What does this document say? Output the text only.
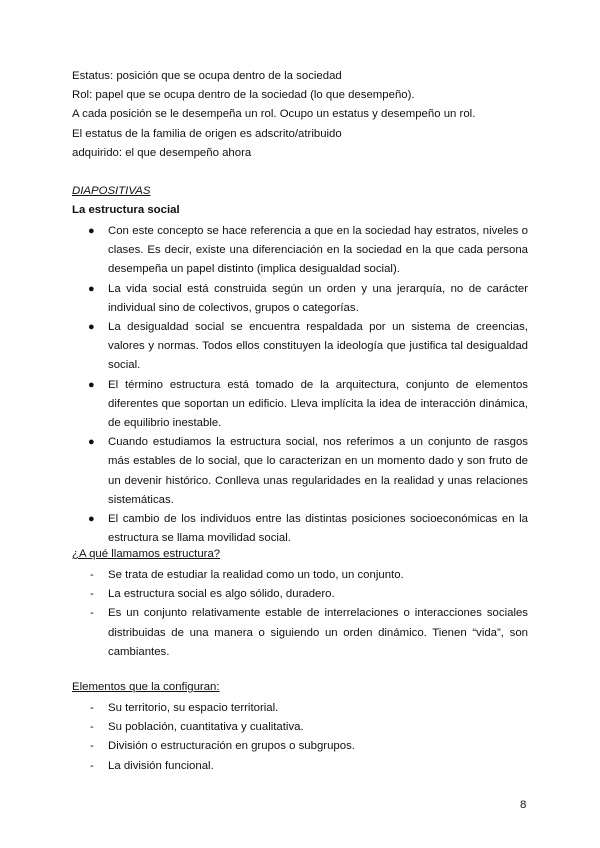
Estatus: posición que se ocupa dentro de la sociedad
Rol: papel que se ocupa dentro de la sociedad (lo que desempeño).
A cada posición se le desempeña un rol. Ocupo un estatus y desempeño un rol.
El estatus de la familia de origen es adscrito/atribuido
adquirido: el que desempeño ahora
DIAPOSITIVAS
La estructura social
● Con este concepto se hace referencia a que en la sociedad hay estratos, niveles o clases. Es decir, existe una diferenciación en la sociedad en la que cada persona desempeña un papel distinto (implica desigualdad social).
● La vida social está construida según un orden y una jerarquía, no de carácter individual sino de colectivos, grupos o categorías.
● La desigualdad social se encuentra respaldada por un sistema de creencias, valores y normas. Todos ellos constituyen la ideología que justifica tal desigualdad social.
● El término estructura está tomado de la arquitectura, conjunto de elementos diferentes que soportan un edificio. Lleva implícita la idea de interacción dinámica, de equilibrio inestable.
● Cuando estudiamos la estructura social, nos referimos a un conjunto de rasgos más estables de lo social, que lo caracterizan en un momento dado y son fruto de un devenir histórico. Conlleva unas regularidades en la realidad y unas relaciones sistemáticas.
● El cambio de los individuos entre las distintas posiciones socioeconómicas en la estructura se llama movilidad social.
¿A qué llamamos estructura?
- Se trata de estudiar la realidad como un todo, un conjunto.
- La estructura social es algo sólido, duradero.
- Es un conjunto relativamente estable de interrelaciones o interacciones sociales distribuidas de una manera o siguiendo un orden dinámico. Tienen “vida”, son cambiantes.
Elementos que la configuran:
- Su territorio, su espacio territorial.
- Su población, cuantitativa y cualitativa.
- División o estructuración en grupos o subgrupos.
- La división funcional.
8
